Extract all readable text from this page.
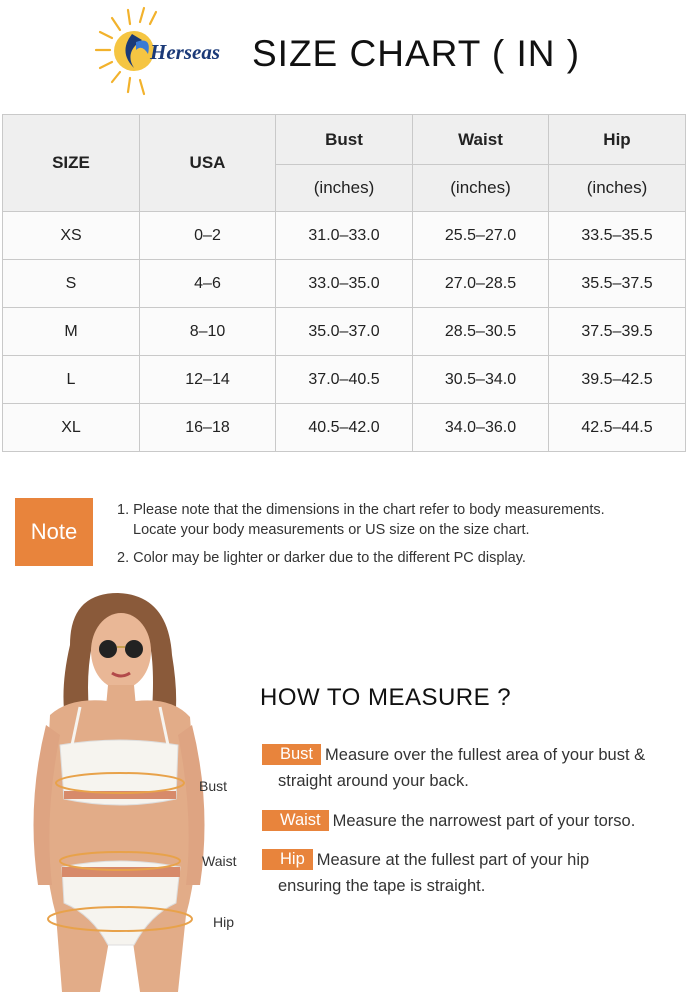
Herseas SIZE CHART ( IN )
SIZE	USA	Bust	Waist	Hip
		(inches)	(inches)	(inches)
XS	0–2	31.0–33.0	25.5–27.0	33.5–35.5
S	4–6	33.0–35.0	27.0–28.5	35.5–37.5
M	8–10	35.0–37.0	28.5–30.5	37.5–39.5
L	12–14	37.0–40.5	30.5–34.0	39.5–42.5
XL	16–18	40.5–42.0	34.0–36.0	42.5–44.5
Note
1. Please note that the dimensions in the chart refer to body measurements.
Locate your body measurements or US size on the size chart.
2. Color may be lighter or darker due to the different PC display.
Bust
Waist
Hip
HOW TO MEASURE ?
Bust Measure over the fullest area of your bust &
straight around your back.
Waist Measure the narrowest part of your torso.
Hip Measure at the fullest part of your hip
ensuring the tape is straight.
